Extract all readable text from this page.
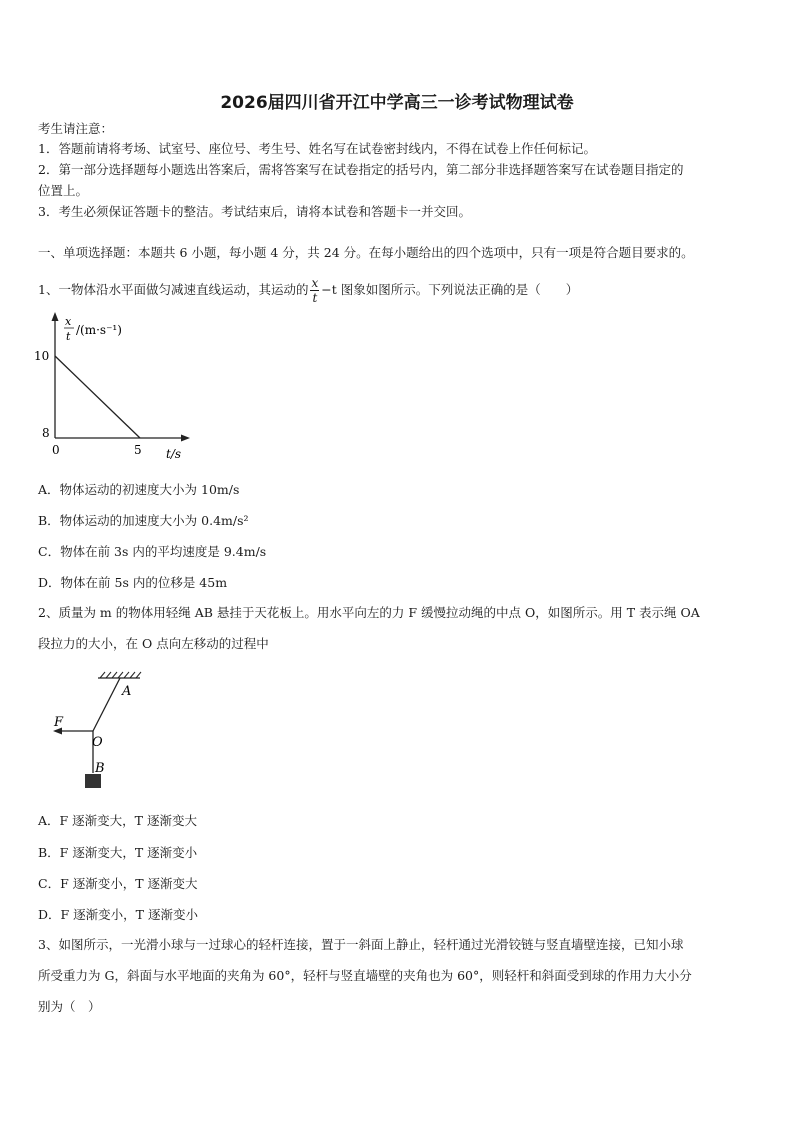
2026届四川省开江中学高三一诊考试物理试卷
考生请注意：
1．答题前请将考场、试室号、座位号、考生号、姓名写在试卷密封线内，不得在试卷上作任何标记。
2．第一部分选择题每小题选出答案后，需将答案写在试卷指定的括号内，第二部分非选择题答案写在试卷题目指定的
位置上。
3．考生必须保证答题卡的整洁。考试结束后，请将本试卷和答题卡一并交回。
一、单项选择题：本题共 6 小题，每小题 4 分，共 24 分。在每小题给出的四个选项中，只有一项是符合题目要求的。
1、一物体沿水平面做匀减速直线运动，其运动的 $\frac{x}{t} -t$ 图象如图所示。下列说法正确的是（　　）
x
t /(m·s⁻¹)
10
8
0	5 t/s
A．物体运动的初速度大小为 10m/s
B．物体运动的加速度大小为 0.4m/s²
C．物体在前 3s 内的平均速度是 9.4m/s
D．物体在前 5s 内的位移是 45m
2、质量为 m 的物体用轻绳 AB 悬挂于天花板上。用水平向左的力 F 缓慢拉动绳的中点 O，如图所示。用 T 表示绳 OA
段拉力的大小，在 O 点向左移动的过程中
A
F
O
B
A．F 逐渐变大，T 逐渐变大
B．F 逐渐变大，T 逐渐变小
C．F 逐渐变小，T 逐渐变大
D．F 逐渐变小，T 逐渐变小
3、如图所示，一光滑小球与一过球心的轻杆连接，置于一斜面上静止，轻杆通过光滑铰链与竖直墙壁连接，已知小球
所受重力为 G，斜面与水平地面的夹角为 60°，轻杆与竖直墙壁的夹角也为 60°，则轻杆和斜面受到球的作用力大小分
别为（　）
